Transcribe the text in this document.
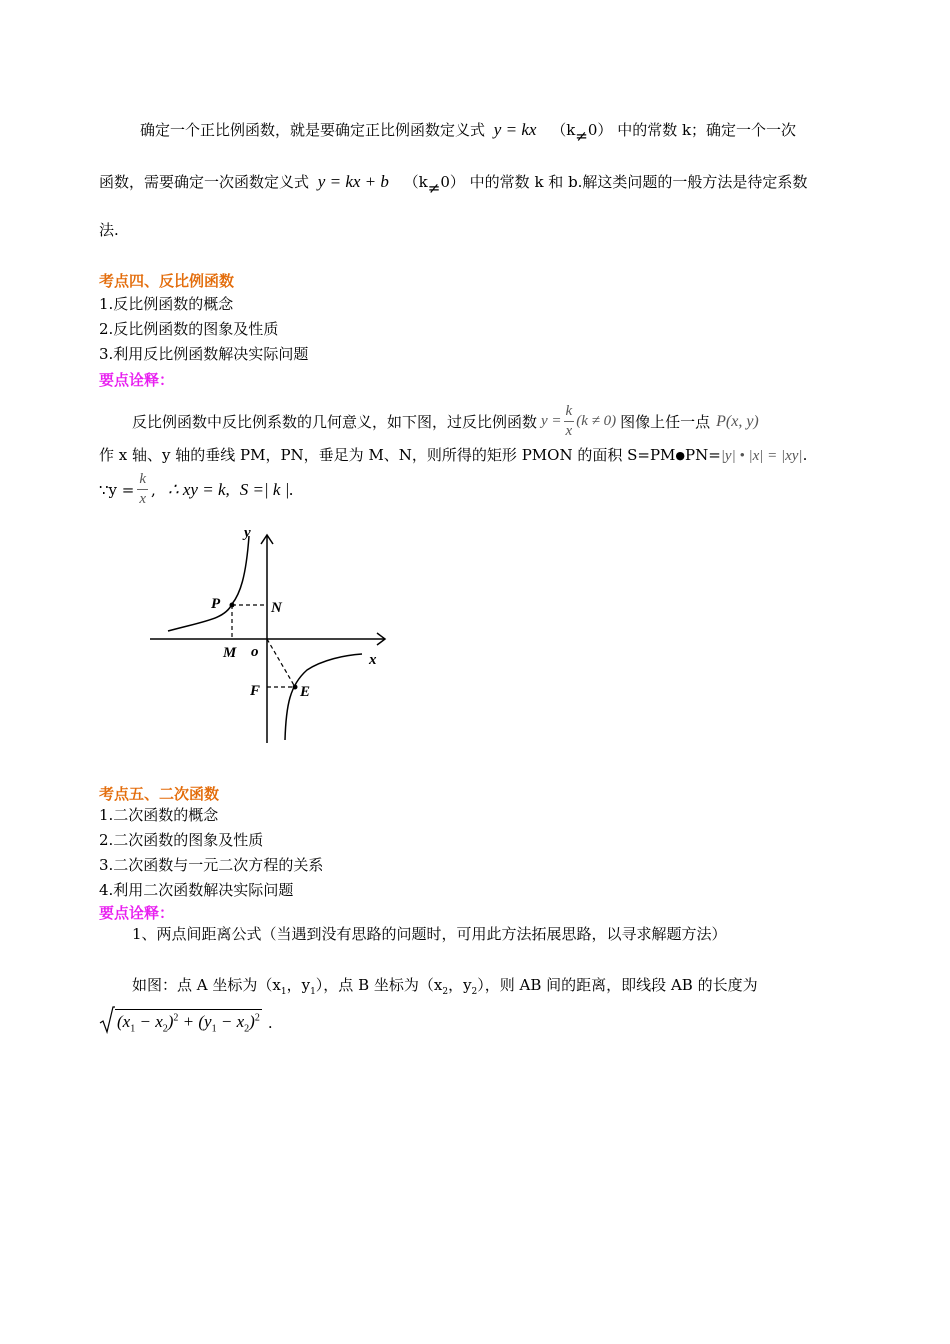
确定一个正比例函数，就是要确定正比例函数定义式 y = kx （k≠0） 中的常数 k；确定一个一次
函数，需要确定一次函数定义式 y = kx + b （k≠0） 中的常数 k 和 b.解这类问题的一般方法是待定系数
法.
考点四、反比例函数
1.反比例函数的概念
2.反比例函数的图象及性质
3.利用反比例函数解决实际问题
要点诠释：
反比例函数中反比例系数的几何意义，如下图，过反比例函数 $y = \frac{k}{x} (k \ne 0)$ 图像上任一点 P(x, y)
作 x 轴、y 轴的垂线 PM，PN，垂足为 M、N，则所得的矩形 PMON 的面积 S=PM●PN=|y| • |x| = |xy|.
∵ $y = \frac{k}{x}$ , ∴ xy = k, S =| k |.
y
x
o
P	N
M
F	E
考点五、二次函数
1.二次函数的概念
2.二次函数的图象及性质
3.二次函数与一元二次方程的关系
4.利用二次函数解决实际问题
要点诠释：
1、两点间距离公式（当遇到没有思路的问题时，可用此方法拓展思路，以寻求解题方法）
如图：点 A 坐标为（$x_1$，$y_1$），点 B 坐标为（$x_2$，$y_2$），则 AB 间的距离，即线段 AB 的长度为
$(x_1 - x_2)^2 + (y_1 - x_2)^2$ .
